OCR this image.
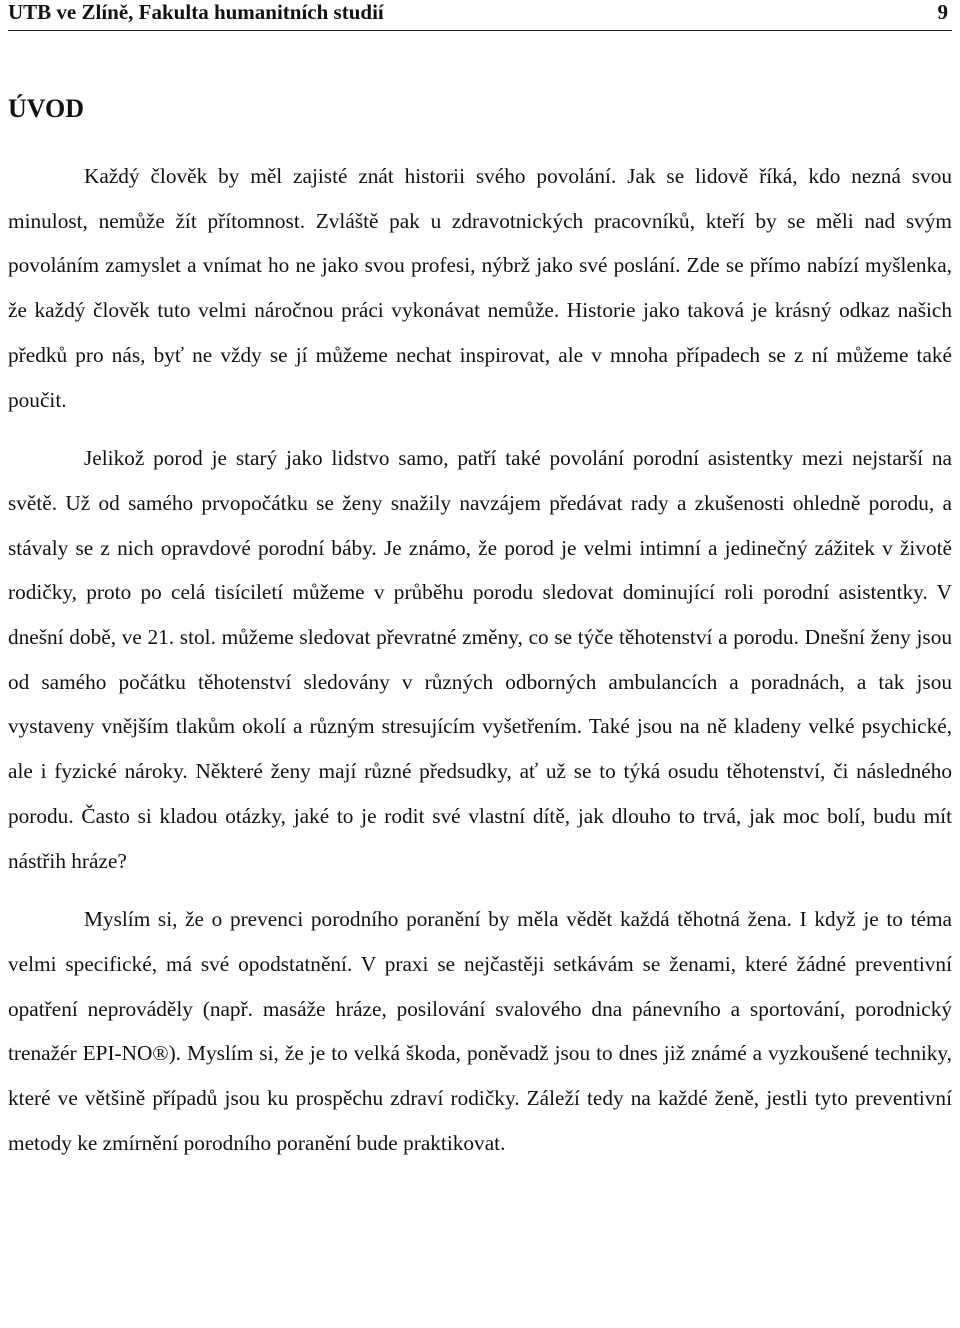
UTB ve Zlíně, Fakulta humanitních studií	9
ÚVOD

Každý člověk by měl zajisté znát historii svého povolání. Jak se lidově říká, kdo nezná svou minulost, nemůže žít přítomnost. Zvláště pak u zdravotnických pracovníků, kteří by se měli nad svým povoláním zamyslet a vnímat ho ne jako svou profesi, nýbrž jako své poslání. Zde se přímo nabízí myšlenka, že každý člověk tuto velmi náročnou práci vykonávat nemůže. Historie jako taková je krásný odkaz našich předků pro nás, byť ne vždy se jí můžeme nechat inspirovat, ale v mnoha případech se z ní můžeme také poučit.

Jelikož porod je starý jako lidstvo samo, patří také povolání porodní asistentky mezi nejstarší na světě. Už od samého prvopočátku se ženy snažily navzájem předávat rady a zkušenosti ohledně porodu, a stávaly se z nich opravdové porodní báby. Je známo, že porod je velmi intimní a jedinečný zážitek v životě rodičky, proto po celá tisíciletí můžeme v průběhu porodu sledovat dominující roli porodní asistentky. V dnešní době, ve 21. stol. můžeme sledovat převratné změny, co se týče těhotenství a porodu. Dnešní ženy jsou od samého počátku těhotenství sledovány v různých odborných ambulancích a poradnách, a tak jsou vystaveny vnějším tlakům okolí a různým stresujícím vyšetřením. Také jsou na ně kladeny velké psychické, ale i fyzické nároky. Některé ženy mají různé předsudky, ať už se to týká osudu těhotenství, či následného porodu. Často si kladou otázky, jaké to je rodit své vlastní dítě, jak dlouho to trvá, jak moc bolí, budu mít nástřih hráze?

Myslím si, že o prevenci porodního poranění by měla vědět každá těhotná žena. I když je to téma velmi specifické, má své opodstatnění. V praxi se nejčastěji setkávám se ženami, které žádné preventivní opatření neprováděly (např. masáže hráze, posilování svalového dna pánevního a sportování, porodnický trenažér EPI-NO®). Myslím si, že je to velká škoda, poněvadž jsou to dnes již známé a vyzkoušené techniky, které ve většině případů jsou ku prospěchu zdraví rodičky. Záleží tedy na každé ženě, jestli tyto preventivní metody ke zmírnění porodního poranění bude praktikovat.
